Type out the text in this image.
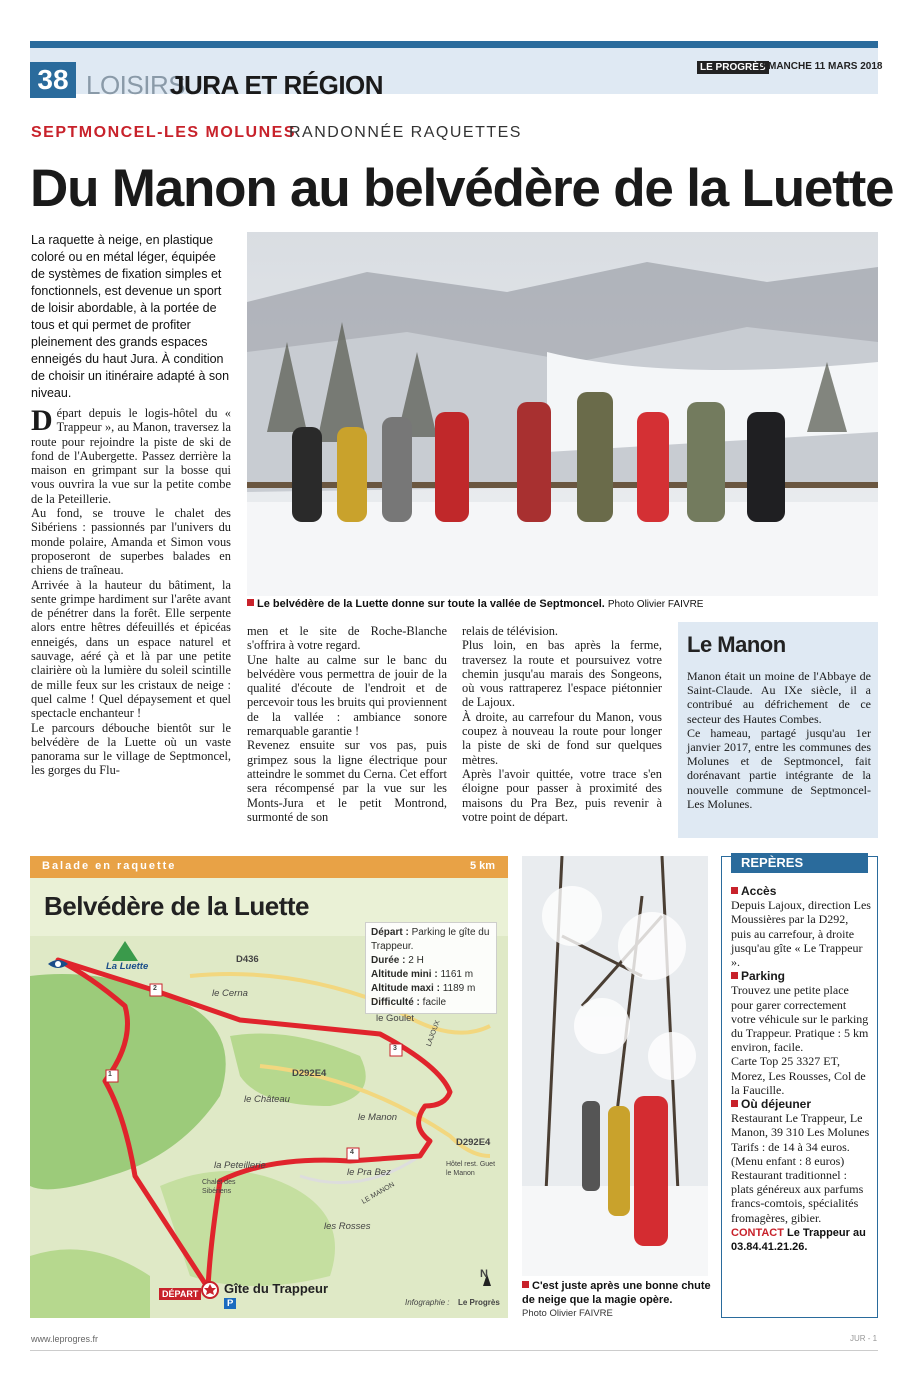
38 LOISIRS
JURA ET RÉGION
LE PROGRÈS
DIMANCHE 11 MARS 2018
SEPTMONCEL-LES MOLUNES
RANDONNÉE RAQUETTES
Du Manon au belvédère de la Luette

La raquette à neige, en plastique coloré ou en métal léger, équipée de systèmes de fixation simples et fonctionnels, est devenue un sport de loisir abordable, à la portée de tous et qui permet de profiter pleinement des grands espaces enneigés du haut Jura. À condition de choisir un itinéraire adapté à son niveau.

Départ depuis le logis-hôtel du « Trappeur », au Manon, traversez la route pour rejoindre la piste de ski de fond de l'Aubergette. Passez derrière la maison en grimpant sur la bosse qui vous ouvrira la vue sur la petite combe de la Peteillerie.

Au fond, se trouve le chalet des Sibériens : passionnés par l'univers du monde polaire, Amanda et Simon vous proposeront de superbes balades en chiens de traîneau.

Arrivée à la hauteur du bâtiment, la sente grimpe hardiment sur l'arête avant de pénétrer dans la forêt. Elle serpente alors entre hêtres défeuillés et épicéas enneigés, dans un espace naturel et sauvage, aéré çà et là par une petite clairière où la lumière du soleil scintille de mille feux sur les cristaux de neige : quel calme ! Quel dépaysement et quel spectacle enchanteur !

Le parcours débouche bientôt sur le belvédère de la Luette où un vaste panorama sur le village de Septmoncel, les gorges du Flu-

men et le site de Roche-Blanche s'offrira à votre regard.

Une halte au calme sur le banc du belvédère vous permettra de jouir de la qualité d'écoute de l'endroit et de percevoir tous les bruits qui proviennent de la vallée : ambiance sonore remarquable garantie !

Revenez ensuite sur vos pas, puis grimpez sous la ligne électrique pour atteindre le sommet du Cerna. Cet effort sera récompensé par la vue sur les Monts-Jura et le petit Montrond, surmonté de son

relais de télévision.

Plus loin, en bas après la ferme, traversez la route et poursuivez votre chemin jusqu'au marais des Songeons, où vous rattraperez l'espace piétonnier de Lajoux.

À droite, au carrefour du Manon, vous coupez à nouveau la route pour longer la piste de ski de fond sur quelques mètres.

Après l'avoir quittée, votre trace s'en éloigne pour passer à proximité des maisons du Pra Bez, puis revenir à votre point de départ.

Le belvédère de la Luette donne sur toute la vallée de Septmoncel. Photo Olivier FAIVRE
Le Manon

Manon était un moine de l'Abbaye de Saint-Claude. Au IXe siècle, il a contribué au défrichement de ce secteur des Hautes Combes.

Ce hameau, partagé jusqu'au 1er janvier 2017, entre les communes des Molunes et de Septmoncel, fait dorénavant partie intégrante de la nouvelle commune de Septmoncel-Les Molunes.

Balade en raquette	5 km
Belvédère de la Luette
Départ : Parking le gîte du Trappeur.
Durée : 2 H
Altitude mini : 1161 m
Altitude maxi : 1189 m
Difficulté : facile
La Luette
D436
le Cerna
le Goulet
LAJOUX
D292E4
le Château
le Manon
D292E4
la Peteillerie
Chalet des Sibériens
le Pra Bez
Hôtel rest. Guet le Manon
les Rosses
LE MANON
DÉPART Gîte du Trappeur
P
N
Infographie : Le Progrès
1
2
3
4
C'est juste après une bonne chute de neige que la magie opère.
Photo Olivier FAIVRE
REPÈRES
Accès

Depuis Lajoux, direction Les Moussières par la D292, puis au carrefour, à droite jusqu'au gîte « Le Trappeur ».

Parking

Trouvez une petite place pour garer correctement votre véhicule sur le parking du Trappeur. Pratique : 5 km environ, facile.

Carte Top 25 3327 ET, Morez, Les Rousses, Col de la Faucille.

Où déjeuner

Restaurant Le Trappeur, Le Manon, 39 310 Les Molunes Tarifs : de 14 à 34 euros. (Menu enfant : 8 euros) Restaurant traditionnel : plats généreux aux parfums francs-comtois, spécialités fromagères, gibier.

CONTACT Le Trappeur au 03.84.41.21.26.

www.leprogres.fr	JUR - 1
